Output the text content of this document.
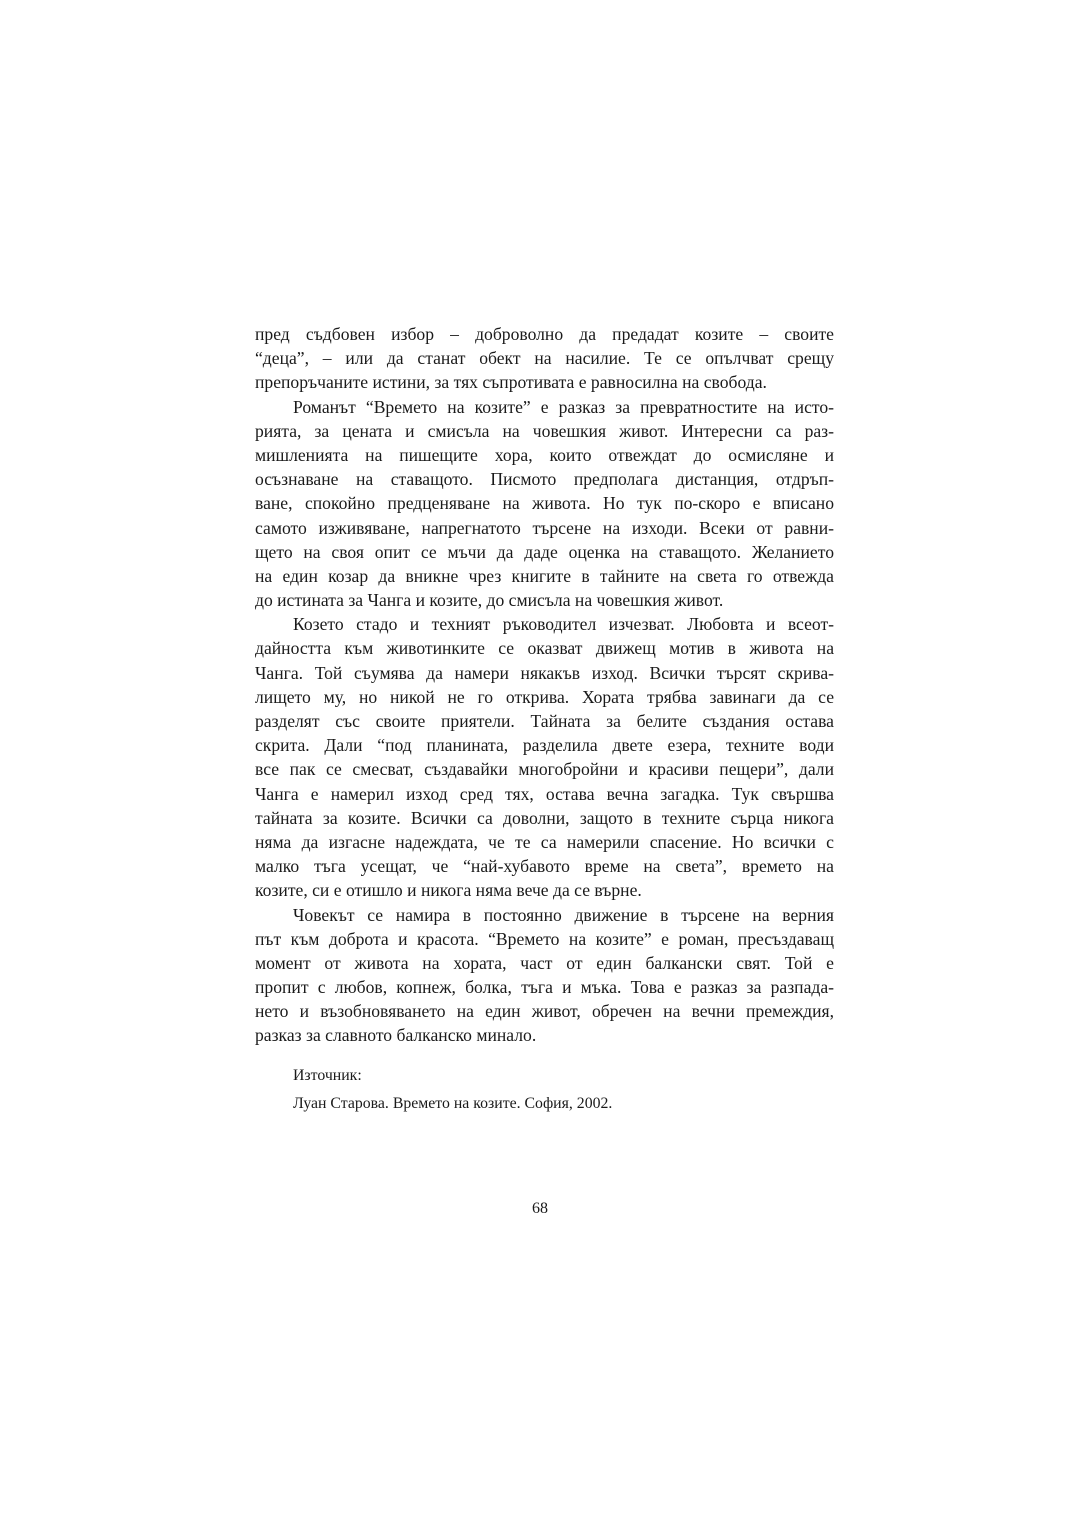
пред съдбовен избор – доброволно да предадат козите – своите
“деца”, – или да станат обект на насилие. Те се опълчват срещу
препоръчаните истини, за тях съпротивата е равносилна на свобода.
Романът “Времето на козите” е разказ за превратностите на исто-
рията, за цената и смисъла на човешкия живот. Интересни са раз-
мишленията на пишещите хора, които отвеждат до осмисляне и
осъзнаване на ставащото. Писмото предполага дистанция, отдръп-
ване, спокойно предценяване на живота. Но тук по-скоро е вписано
самото изживяване, напрегнатото търсене на изходи. Всеки от равни-
щето на своя опит се мъчи да даде оценка на ставащото. Желанието
на един козар да вникне чрез книгите в тайните на света го отвежда
до истината за Чанга и козите, до смисъла на човешкия живот.
Козето стадо и техният ръководител изчезват. Любовта и всеот-
дайността към животинките се оказват движещ мотив в живота на
Чанга. Той съумява да намери някакъв изход. Всички търсят скрива-
лището му, но никой не го открива. Хората трябва завинаги да се
разделят със своите приятели. Тайната за белите създания остава
скрита. Дали “под планината, разделила двете езера, техните води
все пак се смесват, създавайки многобройни и красиви пещери”, дали
Чанга е намерил изход сред тях, остава вечна загадка. Тук свършва
тайната за козите. Всички са доволни, защото в техните сърца никога
няма да изгасне надеждата, че те са намерили спасение. Но всички с
малко тъга усещат, че “най-хубавото време на света”, времето на
козите, си е отишло и никога няма вече да се върне.
Човекът се намира в постоянно движение в търсене на верния
път към доброта и красота. “Времето на козите” е роман, пресъздаващ
момент от живота на хората, част от един балкански свят. Той е
пропит с любов, копнеж, болка, тъга и мъка. Това е разказ за разпада-
нето и възобновяването на един живот, обречен на вечни премеждия,
разказ за славното балканско минало.
Източник:
Луан Старова. Времето на козите. София, 2002.
68
